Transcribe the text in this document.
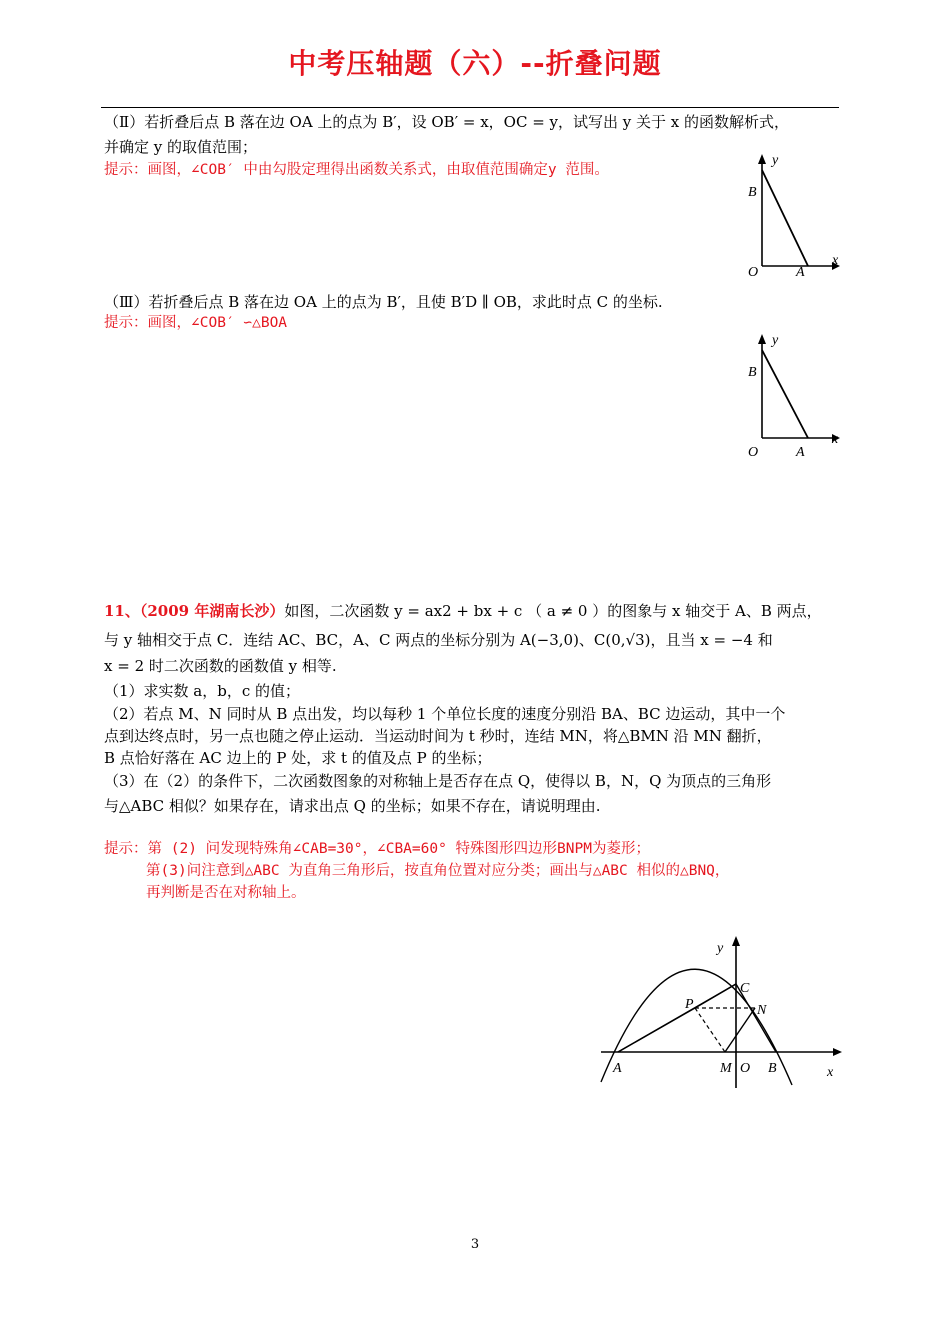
中考压轴题（六）--折叠问题
（Ⅱ）若折叠后点 B 落在边 OA 上的点为 B′，设 OB′ = x，OC = y，试写出 y 关于 x 的函数解析式，
并确定 y 的取值范围；
提示：画图，∠COB′ 中由勾股定理得出函数关系式，由取值范围确定y 范围。
y
x
B
O	A
（Ⅲ）若折叠后点 B 落在边 OA 上的点为 B′，且使 B′D ∥ OB，求此时点 C 的坐标.
提示：画图，∠COB′ ∽△BOA
y
x
B
O	A
11、（2009 年湖南长沙）如图，二次函数 y = ax2 + bx + c （ a ≠ 0 ）的图象与 x 轴交于 A、B 两点，
与 y 轴相交于点 C．连结 AC、BC，A、C 两点的坐标分别为 A(−3,0)、C(0,√3)，且当 x = −4 和
x = 2 时二次函数的函数值 y 相等.
（1）求实数 a，b，c 的值；
（2）若点 M、N 同时从 B 点出发，均以每秒 1 个单位长度的速度分别沿 BA、BC 边运动，其中一个
点到达终点时，另一点也随之停止运动．当运动时间为 t 秒时，连结 MN，将△BMN 沿 MN 翻折，
B 点恰好落在 AC 边上的 P 处，求 t 的值及点 P 的坐标；
（3）在（2）的条件下，二次函数图象的对称轴上是否存在点 Q，使得以 B，N，Q 为顶点的三角形
与△ABC 相似？如果存在，请求出点 Q 的坐标；如果不存在，请说明理由.
提示：第 (2) 问发现特殊角∠CAB=30°，∠CBA=60° 特殊图形四边形BNPM为菱形；
第(3)问注意到△ABC 为直角三角形后，按直角位置对应分类；画出与△ABC 相似的△BNQ，
再判断是否在对称轴上。
y
x
C
P	N
A	M O B
3
